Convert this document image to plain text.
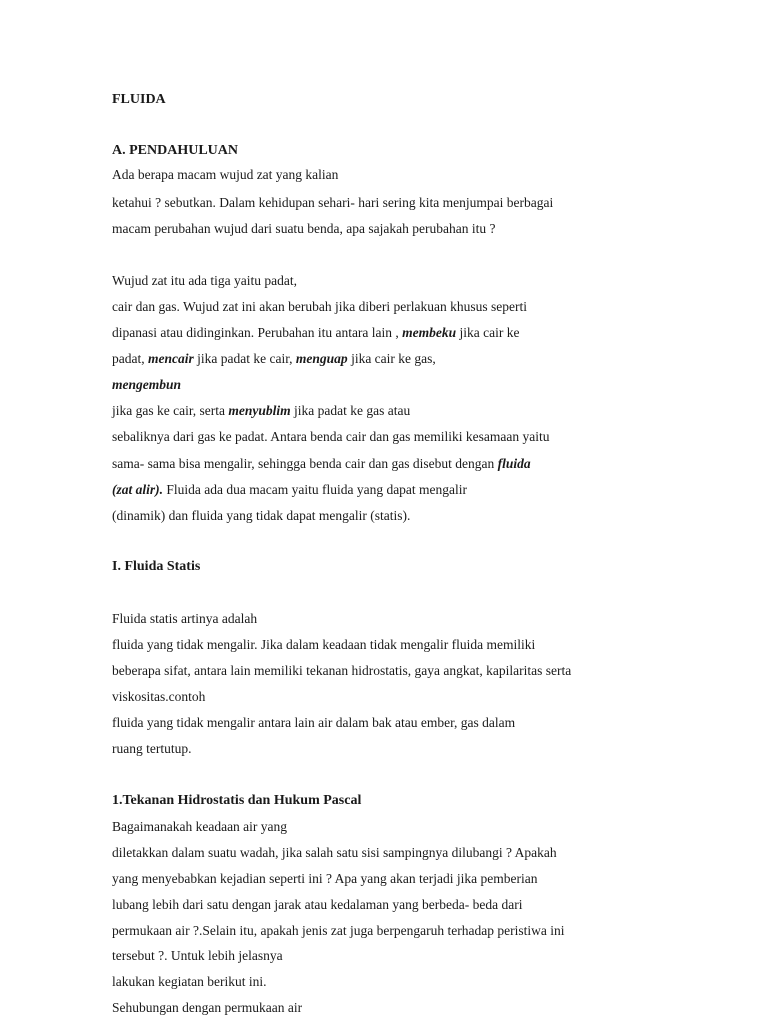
FLUIDA
A. PENDAHULUAN
Ada berapa macam wujud zat yang kalian
ketahui ? sebutkan. Dalam kehidupan sehari- hari sering kita menjumpai berbagai
macam perubahan wujud dari suatu benda, apa sajakah perubahan itu ?
Wujud zat itu ada tiga yaitu padat,
cair dan gas. Wujud zat ini akan berubah jika diberi perlakuan khusus seperti
dipanasi atau didinginkan. Perubahan itu antara lain , membeku jika cair ke
padat, mencair jika padat ke cair, menguap jika cair ke gas,
mengembun
jika gas ke cair, serta menyublim jika padat ke gas atau
sebaliknya dari gas ke padat. Antara benda cair dan gas memiliki kesamaan yaitu
sama- sama bisa mengalir, sehingga benda cair dan gas disebut dengan fluida
(zat alir). Fluida ada dua macam yaitu fluida yang dapat mengalir
(dinamik) dan fluida yang tidak dapat mengalir (statis).
I. Fluida Statis
Fluida statis artinya adalah
fluida yang tidak mengalir. Jika dalam keadaan tidak mengalir fluida memiliki
beberapa sifat, antara lain memiliki tekanan hidrostatis, gaya angkat, kapilaritas serta
viskositas.contoh
fluida yang tidak mengalir antara lain air dalam bak atau ember, gas dalam
ruang tertutup.
1.Tekanan Hidrostatis dan Hukum Pascal
Bagaimanakah keadaan air yang
diletakkan dalam suatu wadah, jika salah satu sisi sampingnya dilubangi ? Apakah
yang menyebabkan kejadian seperti ini ? Apa yang akan terjadi jika pemberian
lubang lebih dari satu dengan jarak atau kedalaman yang berbeda- beda dari
permukaan air ?.Selain itu, apakah jenis zat juga berpengaruh terhadap peristiwa ini
tersebut ?. Untuk lebih jelasnya
lakukan kegiatan berikut ini.
Sehubungan dengan permukaan air
